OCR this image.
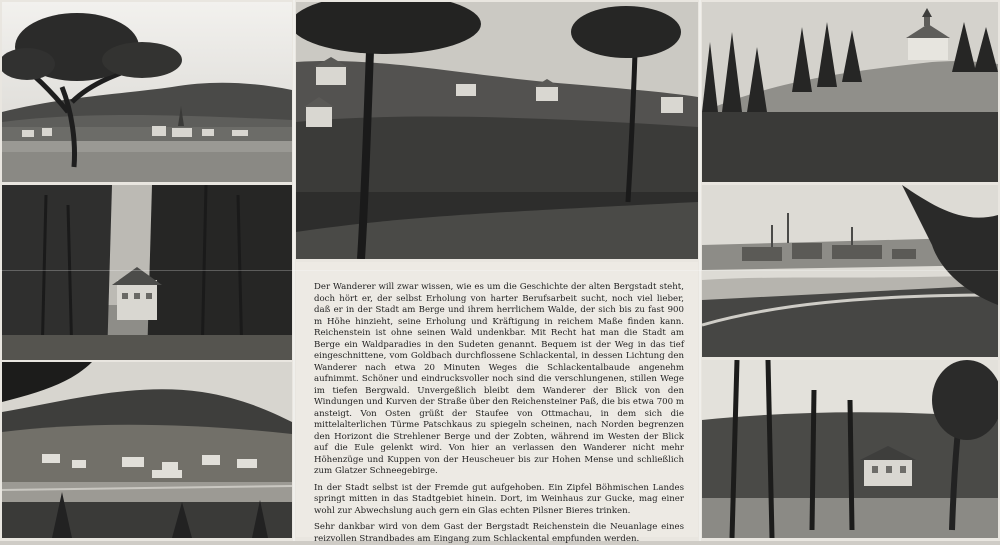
Der Wanderer will zwar wissen, wie es um die Geschichte der alten Bergstadt steht, doch hört er, der selbst Erholung von harter Berufsarbeit sucht, noch viel lieber, daß er in der Stadt am Berge und ihrem herrlichem Walde, der sich bis zu fast 900 m Höhe hinzieht, seine Erholung und Kräftigung in reichem Maße finden kann. Reichenstein ist ohne seinen Wald undenkbar. Mit Recht hat man die Stadt am Berge ein Waldparadies in den Sudeten genannt. Bequem ist der Weg in das tief eingeschnittene, vom Goldbach durchflossene Schlackental, in dessen Lichtung den Wanderer nach etwa 20 Minuten Weges die Schlackentalbaude angenehm aufnimmt. Schöner und eindrucksvoller noch sind die verschlungenen, stillen Wege im tiefen Bergwald. Unvergeßlich bleibt dem Wanderer der Blick von den Windungen und Kurven der Straße über den Reichensteiner Paß, die bis etwa 700 m ansteigt. Von Osten grüßt der Staufee von Ottmachau, in dem sich die mittelalterlichen Türme Patschkaus zu spiegeln scheinen, nach Norden begrenzen den Horizont die Strehlener Berge und der Zobten, während im Westen der Blick auf die Eule gelenkt wird. Von hier an verlassen den Wanderer nicht mehr Höhenzüge und Kuppen von der Heuscheuer bis zur Hohen Mense und schließlich zum Glatzer Schneegebirge.

In der Stadt selbst ist der Fremde gut aufgehoben. Ein Zipfel Böhmischen Landes springt mitten in das Stadtgebiet hinein. Dort, im Weinhaus zur Gucke, mag einer wohl zur Abwechslung auch gern ein Glas echten Pilsner Bieres trinken.

Sehr dankbar wird von dem Gast der Bergstadt Reichenstein die Neuanlage eines reizvollen Strandbades am Eingang zum Schlackental empfunden werden.
